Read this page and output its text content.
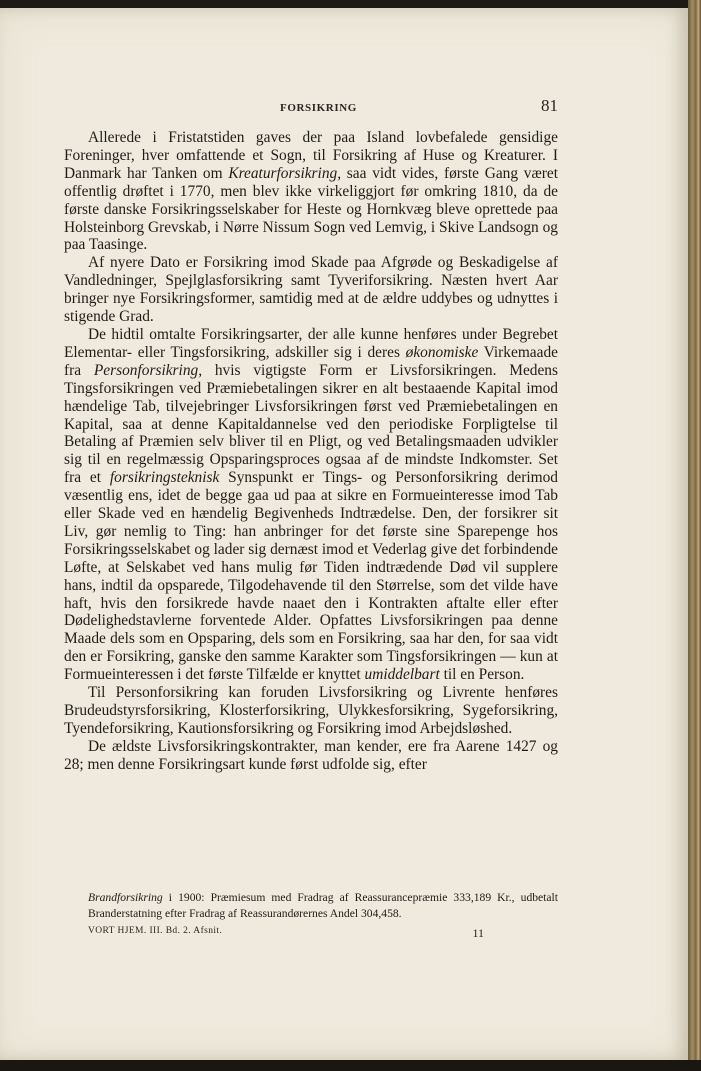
FORSIKRING	81

Allerede i Fristatstiden gaves der paa Island lovbefalede gensidige Foreninger, hver omfattende et Sogn, til Forsikring af Huse og Kreaturer. I Danmark har Tanken om Kreaturforsikring, saa vidt vides, første Gang været offentlig drøftet i 1770, men blev ikke virkeliggjort før omkring 1810, da de første danske Forsikringsselskaber for Heste og Hornkvæg bleve oprettede paa Holsteinborg Grevskab, i Nørre Nissum Sogn ved Lemvig, i Skive Landsogn og paa Taasinge.

Af nyere Dato er Forsikring imod Skade paa Afgrøde og Beskadigelse af Vandledninger, Spejlglasforsikring samt Tyveriforsikring. Næsten hvert Aar bringer nye Forsikringsformer, samtidig med at de ældre uddybes og udnyttes i stigende Grad.

De hidtil omtalte Forsikringsarter, der alle kunne henføres under Begrebet Elementar- eller Tingsforsikring, adskiller sig i deres økonomiske Virkemaade fra Personforsikring, hvis vigtigste Form er Livsforsikringen. Medens Tingsforsikringen ved Præmiebetalingen sikrer en alt bestaaende Kapital imod hændelige Tab, tilvejebringer Livsforsikringen først ved Præmiebetalingen en Kapital, saa at denne Kapitaldannelse ved den periodiske Forpligtelse til Betaling af Præmien selv bliver til en Pligt, og ved Betalingsmaaden udvikler sig til en regelmæssig Opsparingsproces ogsaa af de mindste Indkomster. Set fra et forsikringsteknisk Synspunkt er Tings- og Personforsikring derimod væsentlig ens, idet de begge gaa ud paa at sikre en Formueinteresse imod Tab eller Skade ved en hændelig Begivenheds Indtrædelse. Den, der forsikrer sit Liv, gør nemlig to Ting: han anbringer for det første sine Sparepenge hos Forsikringsselskabet og lader sig dernæst imod et Vederlag give det forbindende Løfte, at Selskabet ved hans mulig før Tiden indtrædende Død vil supplere hans, indtil da opsparede, Tilgodehavende til den Størrelse, som det vilde have haft, hvis den forsikrede havde naaet den i Kontrakten aftalte eller efter Dødelighedstavlerne forventede Alder. Opfattes Livsforsikringen paa denne Maade dels som en Opsparing, dels som en Forsikring, saa har den, for saa vidt den er Forsikring, ganske den samme Karakter som Tingsforsikringen — kun at Formueinteressen i det første Tilfælde er knyttet umiddelbart til en Person.

Til Personforsikring kan foruden Livsforsikring og Livrente henføres Brudeudstyrsforsikring, Klosterforsikring, Ulykkesforsikring, Sygeforsikring, Tyendeforsikring, Kautionsforsikring og Forsikring imod Arbejdsløshed.

De ældste Livsforsikringskontrakter, man kender, ere fra Aarene 1427 og 28; men denne Forsikringsart kunde først udfolde sig, efter

Brandforsikring i 1900: Præmiesum med Fradrag af Reassurancepræmie 333,189 Kr., udbetalt Branderstatning efter Fradrag af Reassurandørernes Andel 304,458.

VORT HJEM. III. Bd. 2. Afsnit.	11
